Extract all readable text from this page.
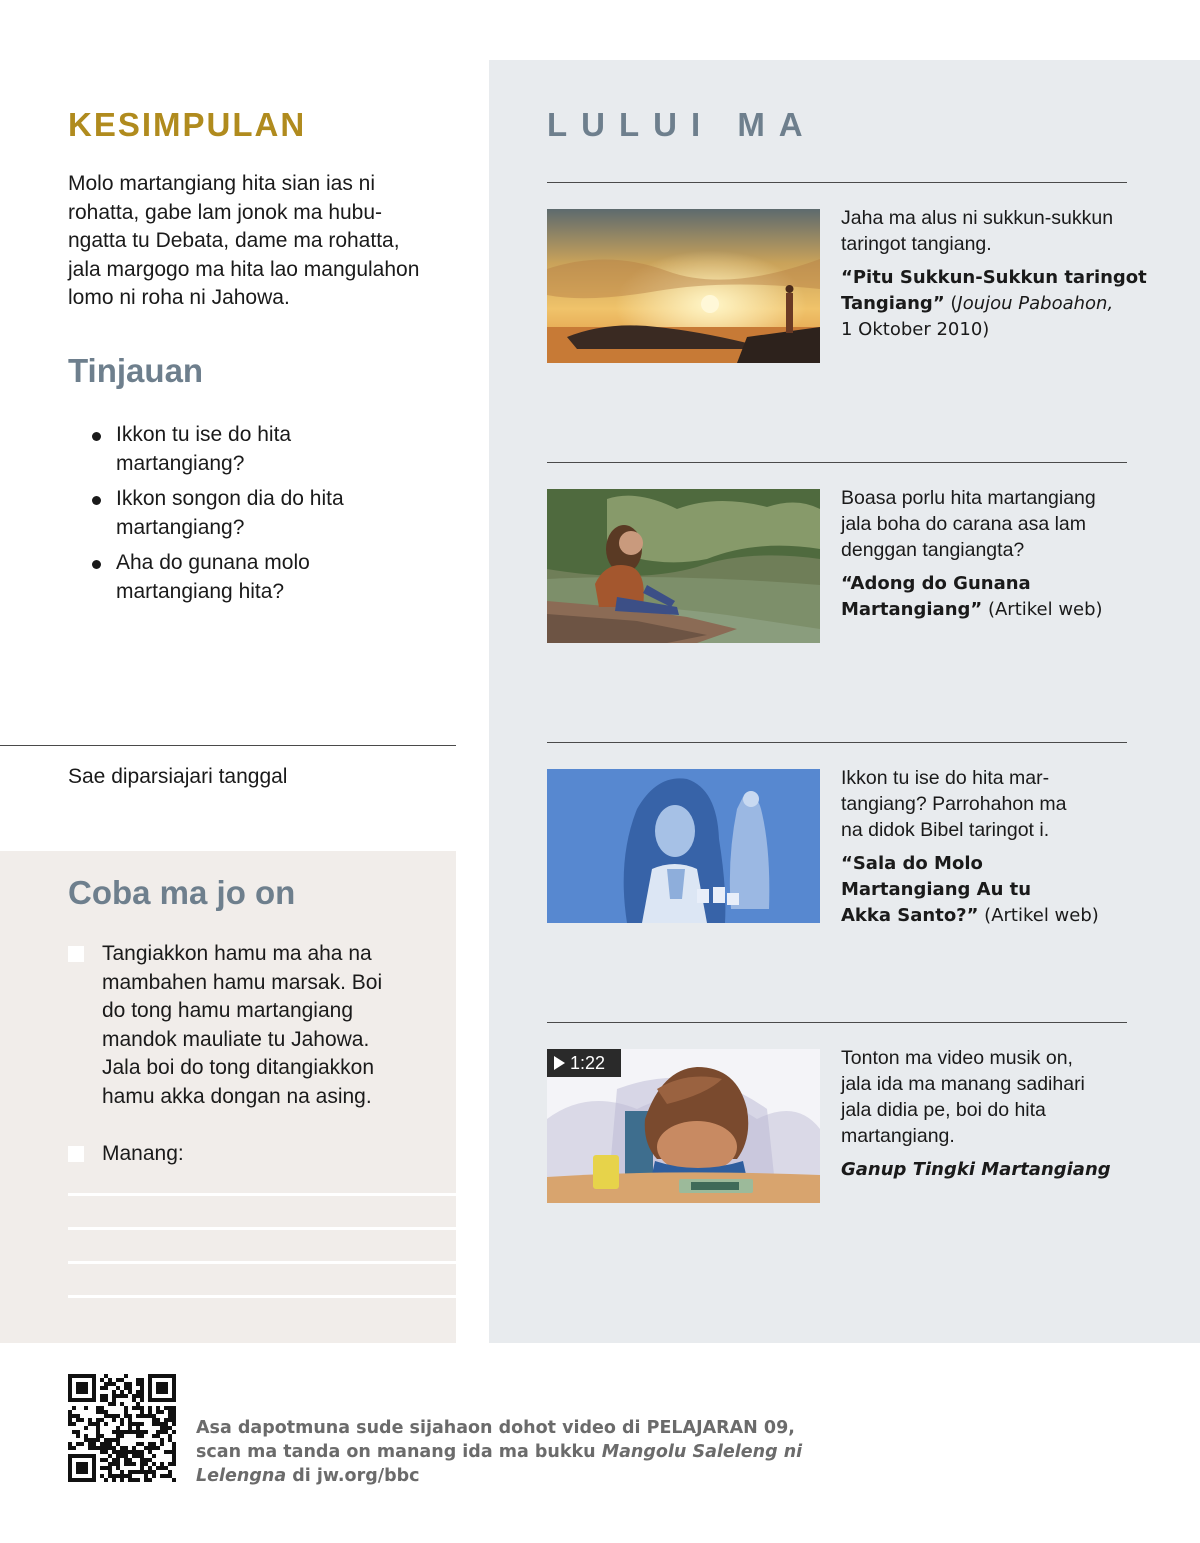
KESIMPULAN

Molo martangiang hita sian ias ni
rohatta, gabe lam jonok ma hubu-
ngatta tu Debata, dame ma rohatta,
jala margogo ma hita lao mangulahon
lomo ni roha ni Jahowa.

Tinjauan
Ikkon tu ise do hita
martangiang?
Ikkon songon dia do hita
martangiang?
Aha do gunana molo
martangiang hita?
Sae diparsiajari tanggal
Coba ma jo on
Tangiakkon hamu ma aha na
mambahen hamu marsak. Boi
do tong hamu martangiang
mandok mauliate tu Jahowa.
Jala boi do tong ditangiakkon
hamu akka dongan na asing.
Manang:
LULUI MA
Jaha ma alus ni sukkun-sukkun
taringot tangiang.
“Pitu Sukkun-Sukkun taringot
Tangiang” (Joujou Paboahon,
1 Oktober 2010)
Boasa porlu hita martangiang
jala boha do carana asa lam
denggan tangiangta?
“Adong do Gunana
Martangiang” (Artikel web)
Ikkon tu ise do hita mar-
tangiang? Parrohahon ma
na didok Bibel taringot i.
“Sala do Molo
Martangiang Au tu
Akka Santo?” (Artikel web)
1:22	Tonton ma video musik on,
jala ida ma manang sadihari
jala didia pe, boi do hita
martangiang.
Ganup Tingki Martangiang
Asa dapotmuna sude sijahaon dohot video di PELAJARAN 09,
scan ma tanda on manang ida ma bukku Mangolu Saleleng ni
Lelengna di jw.org/bbc
